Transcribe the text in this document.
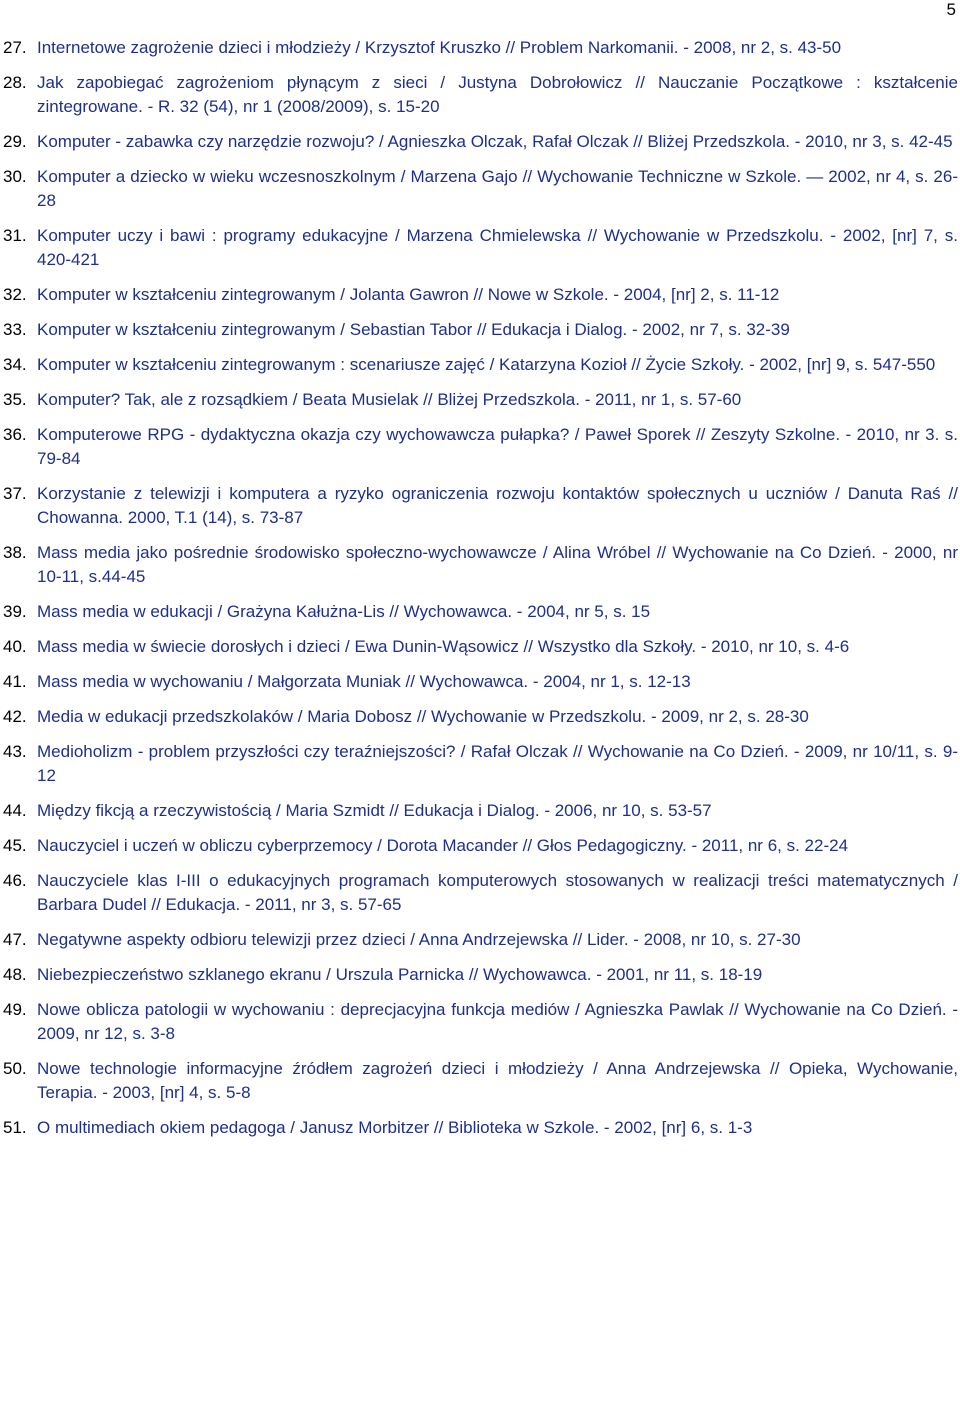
5
27. Internetowe zagrożenie dzieci i młodzieży / Krzysztof Kruszko // Problem Narkomanii. - 2008, nr 2, s. 43-50
28. Jak zapobiegać zagrożeniom płynącym z sieci / Justyna Dobrołowicz // Nauczanie Początkowe : kształcenie zintegrowane. - R. 32 (54), nr 1 (2008/2009), s. 15-20
29. Komputer - zabawka czy narzędzie rozwoju? / Agnieszka Olczak, Rafał Olczak // Bliżej Przedszkola. - 2010, nr 3, s. 42-45
30. Komputer a dziecko w wieku wczesnoszkolnym / Marzena Gajo // Wychowanie Techniczne w Szkole. — 2002, nr 4, s. 26-28
31. Komputer uczy i bawi : programy edukacyjne / Marzena Chmielewska // Wychowanie w Przedszkolu. - 2002, [nr] 7, s. 420-421
32. Komputer w kształceniu zintegrowanym / Jolanta Gawron // Nowe w Szkole. - 2004, [nr] 2, s. 11-12
33. Komputer w kształceniu zintegrowanym / Sebastian Tabor // Edukacja i Dialog. - 2002, nr 7, s. 32-39
34. Komputer w kształceniu zintegrowanym : scenariusze zajęć / Katarzyna Kozioł // Życie Szkoły. - 2002, [nr] 9, s. 547-550
35. Komputer? Tak, ale z rozsądkiem / Beata Musielak // Bliżej Przedszkola. - 2011, nr 1, s. 57-60
36. Komputerowe RPG - dydaktyczna okazja czy wychowawcza pułapka? / Paweł Sporek // Zeszyty Szkolne. - 2010, nr 3. s. 79-84
37. Korzystanie z telewizji i komputera a ryzyko ograniczenia rozwoju kontaktów społecznych u uczniów / Danuta Raś // Chowanna. 2000, T.1 (14), s. 73-87
38. Mass media jako pośrednie środowisko społeczno-wychowawcze / Alina Wróbel // Wychowanie na Co Dzień. - 2000, nr 10-11, s.44-45
39. Mass media w edukacji / Grażyna Kałużna-Lis // Wychowawca. - 2004, nr 5, s. 15
40. Mass media w świecie dorosłych i dzieci / Ewa Dunin-Wąsowicz // Wszystko dla Szkoły. - 2010, nr 10, s. 4-6
41. Mass media w wychowaniu / Małgorzata Muniak // Wychowawca. - 2004, nr 1, s. 12-13
42. Media w edukacji przedszkolaków / Maria Dobosz // Wychowanie w Przedszkolu. - 2009, nr 2, s. 28-30
43. Medioholizm - problem przyszłości czy teraźniejszości? / Rafał Olczak // Wychowanie na Co Dzień. - 2009, nr 10/11, s. 9-12
44. Między fikcją a rzeczywistością / Maria Szmidt // Edukacja i Dialog. - 2006, nr 10, s. 53-57
45. Nauczyciel i uczeń w obliczu cyberprzemocy / Dorota Macander // Głos Pedagogiczny. - 2011, nr 6, s. 22-24
46. Nauczyciele klas I-III o edukacyjnych programach komputerowych stosowanych w realizacji treści matematycznych / Barbara Dudel // Edukacja. - 2011, nr 3, s. 57-65
47. Negatywne aspekty odbioru telewizji przez dzieci / Anna Andrzejewska // Lider. - 2008, nr 10, s. 27-30
48. Niebezpieczeństwo szklanego ekranu / Urszula Parnicka // Wychowawca. - 2001, nr 11, s. 18-19
49. Nowe oblicza patologii w wychowaniu : deprecjacyjna funkcja mediów / Agnieszka Pawlak // Wychowanie na Co Dzień. - 2009, nr 12, s. 3-8
50. Nowe technologie informacyjne źródłem zagrożeń dzieci i młodzieży / Anna Andrzejewska // Opieka, Wychowanie, Terapia. - 2003, [nr] 4, s. 5-8
51. O multimediach okiem pedagoga / Janusz Morbitzer // Biblioteka w Szkole. - 2002, [nr] 6, s. 1-3
